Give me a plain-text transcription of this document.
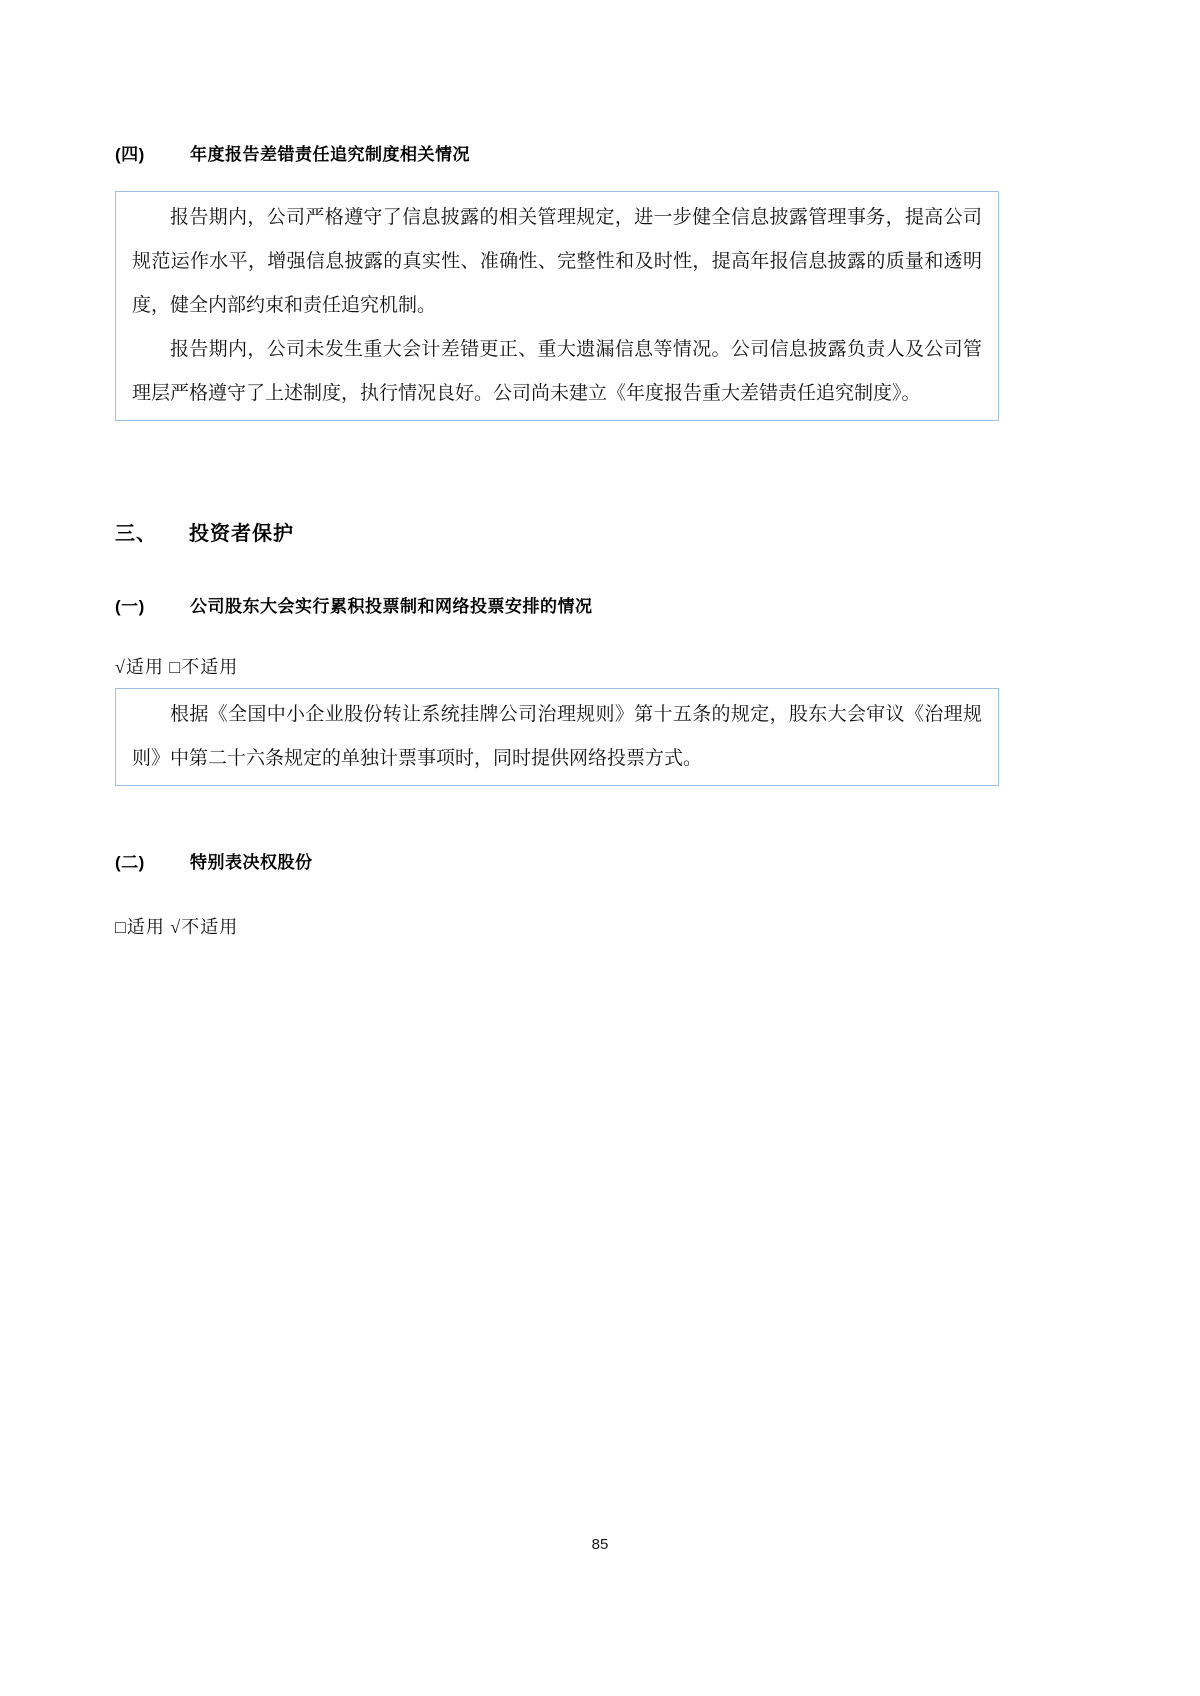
(四)	年度报告差错责任追究制度相关情况

报告期内，公司严格遵守了信息披露的相关管理规定，进一步健全信息披露管理事务，提高公司规范运作水平，增强信息披露的真实性、准确性、完整性和及时性，提高年报信息披露的质量和透明度，健全内部约束和责任追究机制。

报告期内，公司未发生重大会计差错更正、重大遗漏信息等情况。公司信息披露负责人及公司管理层严格遵守了上述制度，执行情况良好。公司尚未建立《年度报告重大差错责任追究制度》。

三、 投资者保护
(一)	公司股东大会实行累积投票制和网络投票安排的情况
√适用 □不适用

根据《全国中小企业股份转让系统挂牌公司治理规则》第十五条的规定，股东大会审议《治理规则》中第二十六条规定的单独计票事项时，同时提供网络投票方式。

(二)	特别表决权股份
□适用 √不适用
85
